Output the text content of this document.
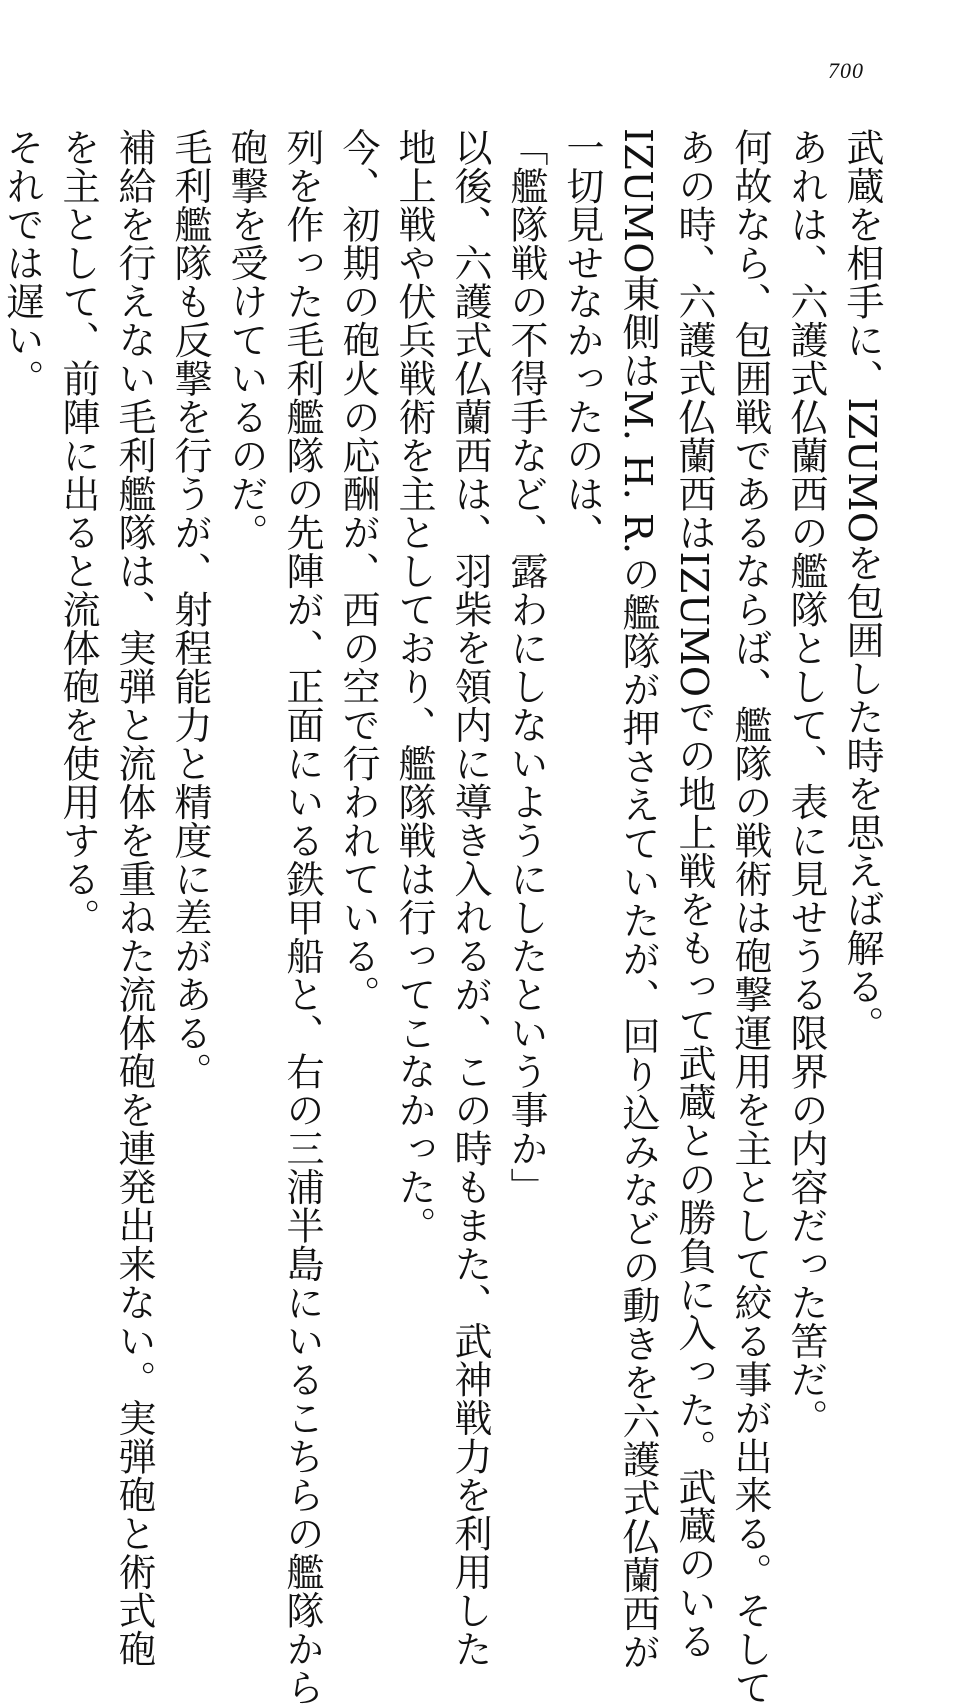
700
武蔵を相手に、IZUMOを包囲した時を思えば解る。
あれは、六護式仏蘭西の艦隊として、表に見せうる限界の内容だった筈だ。
何故なら、包囲戦であるならば、艦隊の戦術は砲撃運用を主として絞る事が出来る。そして
あの時、六護式仏蘭西はIZUMOでの地上戦をもって武蔵との勝負に入った。武蔵のいる
IZUMO東側はM. H. R.の艦隊が押さえていたが、回り込みなどの動きを六護式仏蘭西が
一切見せなかったのは、
「艦隊戦の不得手など、露わにしないようにしたという事か」
以後、六護式仏蘭西は、羽柴を領内に導き入れるが、この時もまた、武神戦力を利用した
地上戦や伏兵戦術を主としており、艦隊戦は行ってこなかった。
今、初期の砲火の応酬が、西の空で行われている。
列を作った毛利艦隊の先陣が、正面にいる鉄甲船と、右の三浦半島にいるこちらの艦隊から
砲撃を受けているのだ。
毛利艦隊も反撃を行うが、射程能力と精度に差がある。
補給を行えない毛利艦隊は、実弾と流体を重ねた流体砲を連発出来ない。実弾砲と術式砲
を主として、前陣に出ると流体砲を使用する。
それでは遅い。
